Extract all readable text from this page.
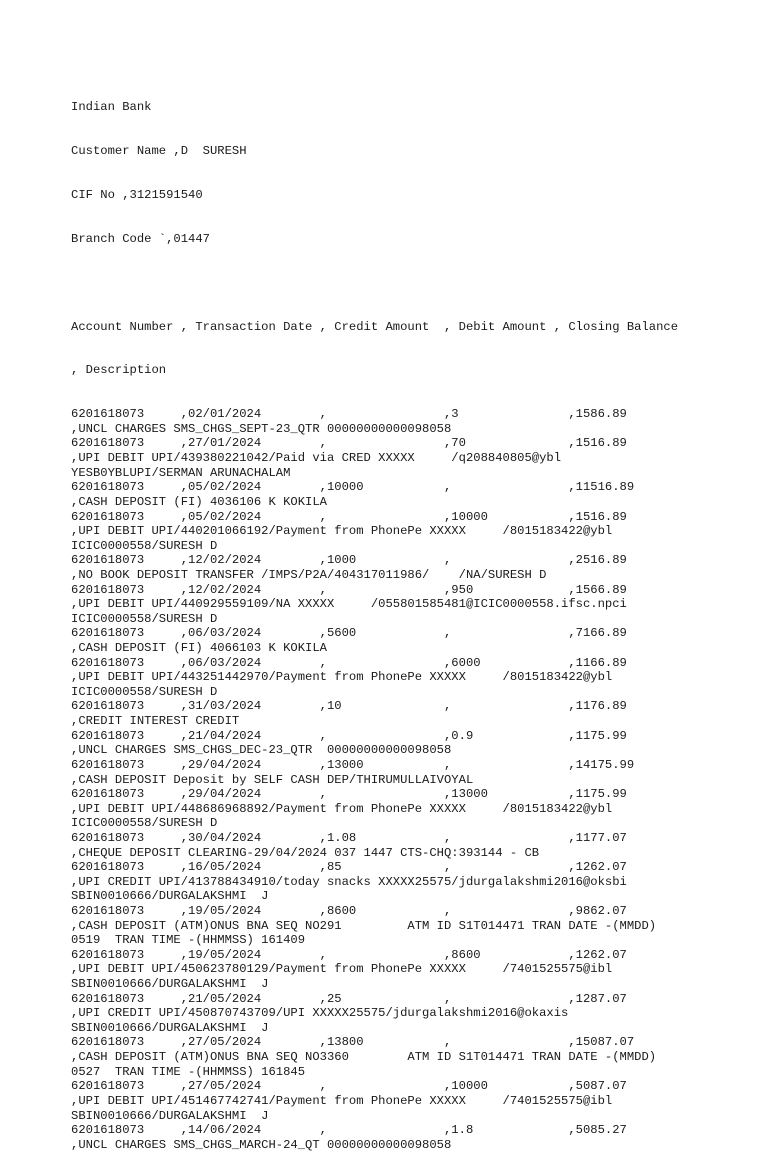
Indian Bank

Customer Name ,D  SURESH

CIF No ,3121591540

Branch Code `,01447

Account Number , Transaction Date , Credit Amount  , Debit Amount , Closing Balance

, Description

6201618073     ,02/01/2024        ,                ,3               ,1586.89
,UNCL CHARGES SMS_CHGS_SEPT-23_QTR 00000000000098058
6201618073     ,27/01/2024        ,                ,70              ,1516.89
,UPI DEBIT UPI/439380221042/Paid via CRED XXXXX     /q208840805@ybl
YESB0YBLUPI/SERMAN ARUNACHALAM
6201618073     ,05/02/2024        ,10000           ,                ,11516.89
,CASH DEPOSIT (FI) 4036106 K KOKILA
6201618073     ,05/02/2024        ,                ,10000           ,1516.89
,UPI DEBIT UPI/440201066192/Payment from PhonePe XXXXX     /8015183422@ybl
ICIC0000558/SURESH D
6201618073     ,12/02/2024        ,1000            ,                ,2516.89
,NO BOOK DEPOSIT TRANSFER /IMPS/P2A/404317011986/    /NA/SURESH D
6201618073     ,12/02/2024        ,                ,950             ,1566.89
,UPI DEBIT UPI/440929559109/NA XXXXX     /055801585481@ICIC0000558.ifsc.npci
ICIC0000558/SURESH D
6201618073     ,06/03/2024        ,5600            ,                ,7166.89
,CASH DEPOSIT (FI) 4066103 K KOKILA
6201618073     ,06/03/2024        ,                ,6000            ,1166.89
,UPI DEBIT UPI/443251442970/Payment from PhonePe XXXXX     /8015183422@ybl
ICIC0000558/SURESH D
6201618073     ,31/03/2024        ,10              ,                ,1176.89
,CREDIT INTEREST CREDIT
6201618073     ,21/04/2024        ,                ,0.9             ,1175.99
,UNCL CHARGES SMS_CHGS_DEC-23_QTR  00000000000098058
6201618073     ,29/04/2024        ,13000           ,                ,14175.99
,CASH DEPOSIT Deposit by SELF CASH DEP/THIRUMULLAIVOYAL
6201618073     ,29/04/2024        ,                ,13000           ,1175.99
,UPI DEBIT UPI/448686968892/Payment from PhonePe XXXXX     /8015183422@ybl
ICIC0000558/SURESH D
6201618073     ,30/04/2024        ,1.08            ,                ,1177.07
,CHEQUE DEPOSIT CLEARING-29/04/2024 037 1447 CTS-CHQ:393144 - CB
6201618073     ,16/05/2024        ,85              ,                ,1262.07
,UPI CREDIT UPI/413788434910/today snacks XXXXX25575/jdurgalakshmi2016@oksbi
SBIN0010666/DURGALAKSHMI  J
6201618073     ,19/05/2024        ,8600            ,                ,9862.07
,CASH DEPOSIT (ATM)ONUS BNA SEQ NO291         ATM ID S1T014471 TRAN DATE -(MMDD)
0519  TRAN TIME -(HHMMSS) 161409
6201618073     ,19/05/2024        ,                ,8600            ,1262.07
,UPI DEBIT UPI/450623780129/Payment from PhonePe XXXXX     /7401525575@ibl
SBIN0010666/DURGALAKSHMI  J
6201618073     ,21/05/2024        ,25              ,                ,1287.07
,UPI CREDIT UPI/450870743709/UPI XXXXX25575/jdurgalakshmi2016@okaxis
SBIN0010666/DURGALAKSHMI  J
6201618073     ,27/05/2024        ,13800           ,                ,15087.07
,CASH DEPOSIT (ATM)ONUS BNA SEQ NO3360        ATM ID S1T014471 TRAN DATE -(MMDD)
0527  TRAN TIME -(HHMMSS) 161845
6201618073     ,27/05/2024        ,                ,10000           ,5087.07
,UPI DEBIT UPI/451467742741/Payment from PhonePe XXXXX     /7401525575@ibl
SBIN0010666/DURGALAKSHMI  J
6201618073     ,14/06/2024        ,                ,1.8             ,5085.27
,UNCL CHARGES SMS_CHGS_MARCH-24_QT 00000000000098058
